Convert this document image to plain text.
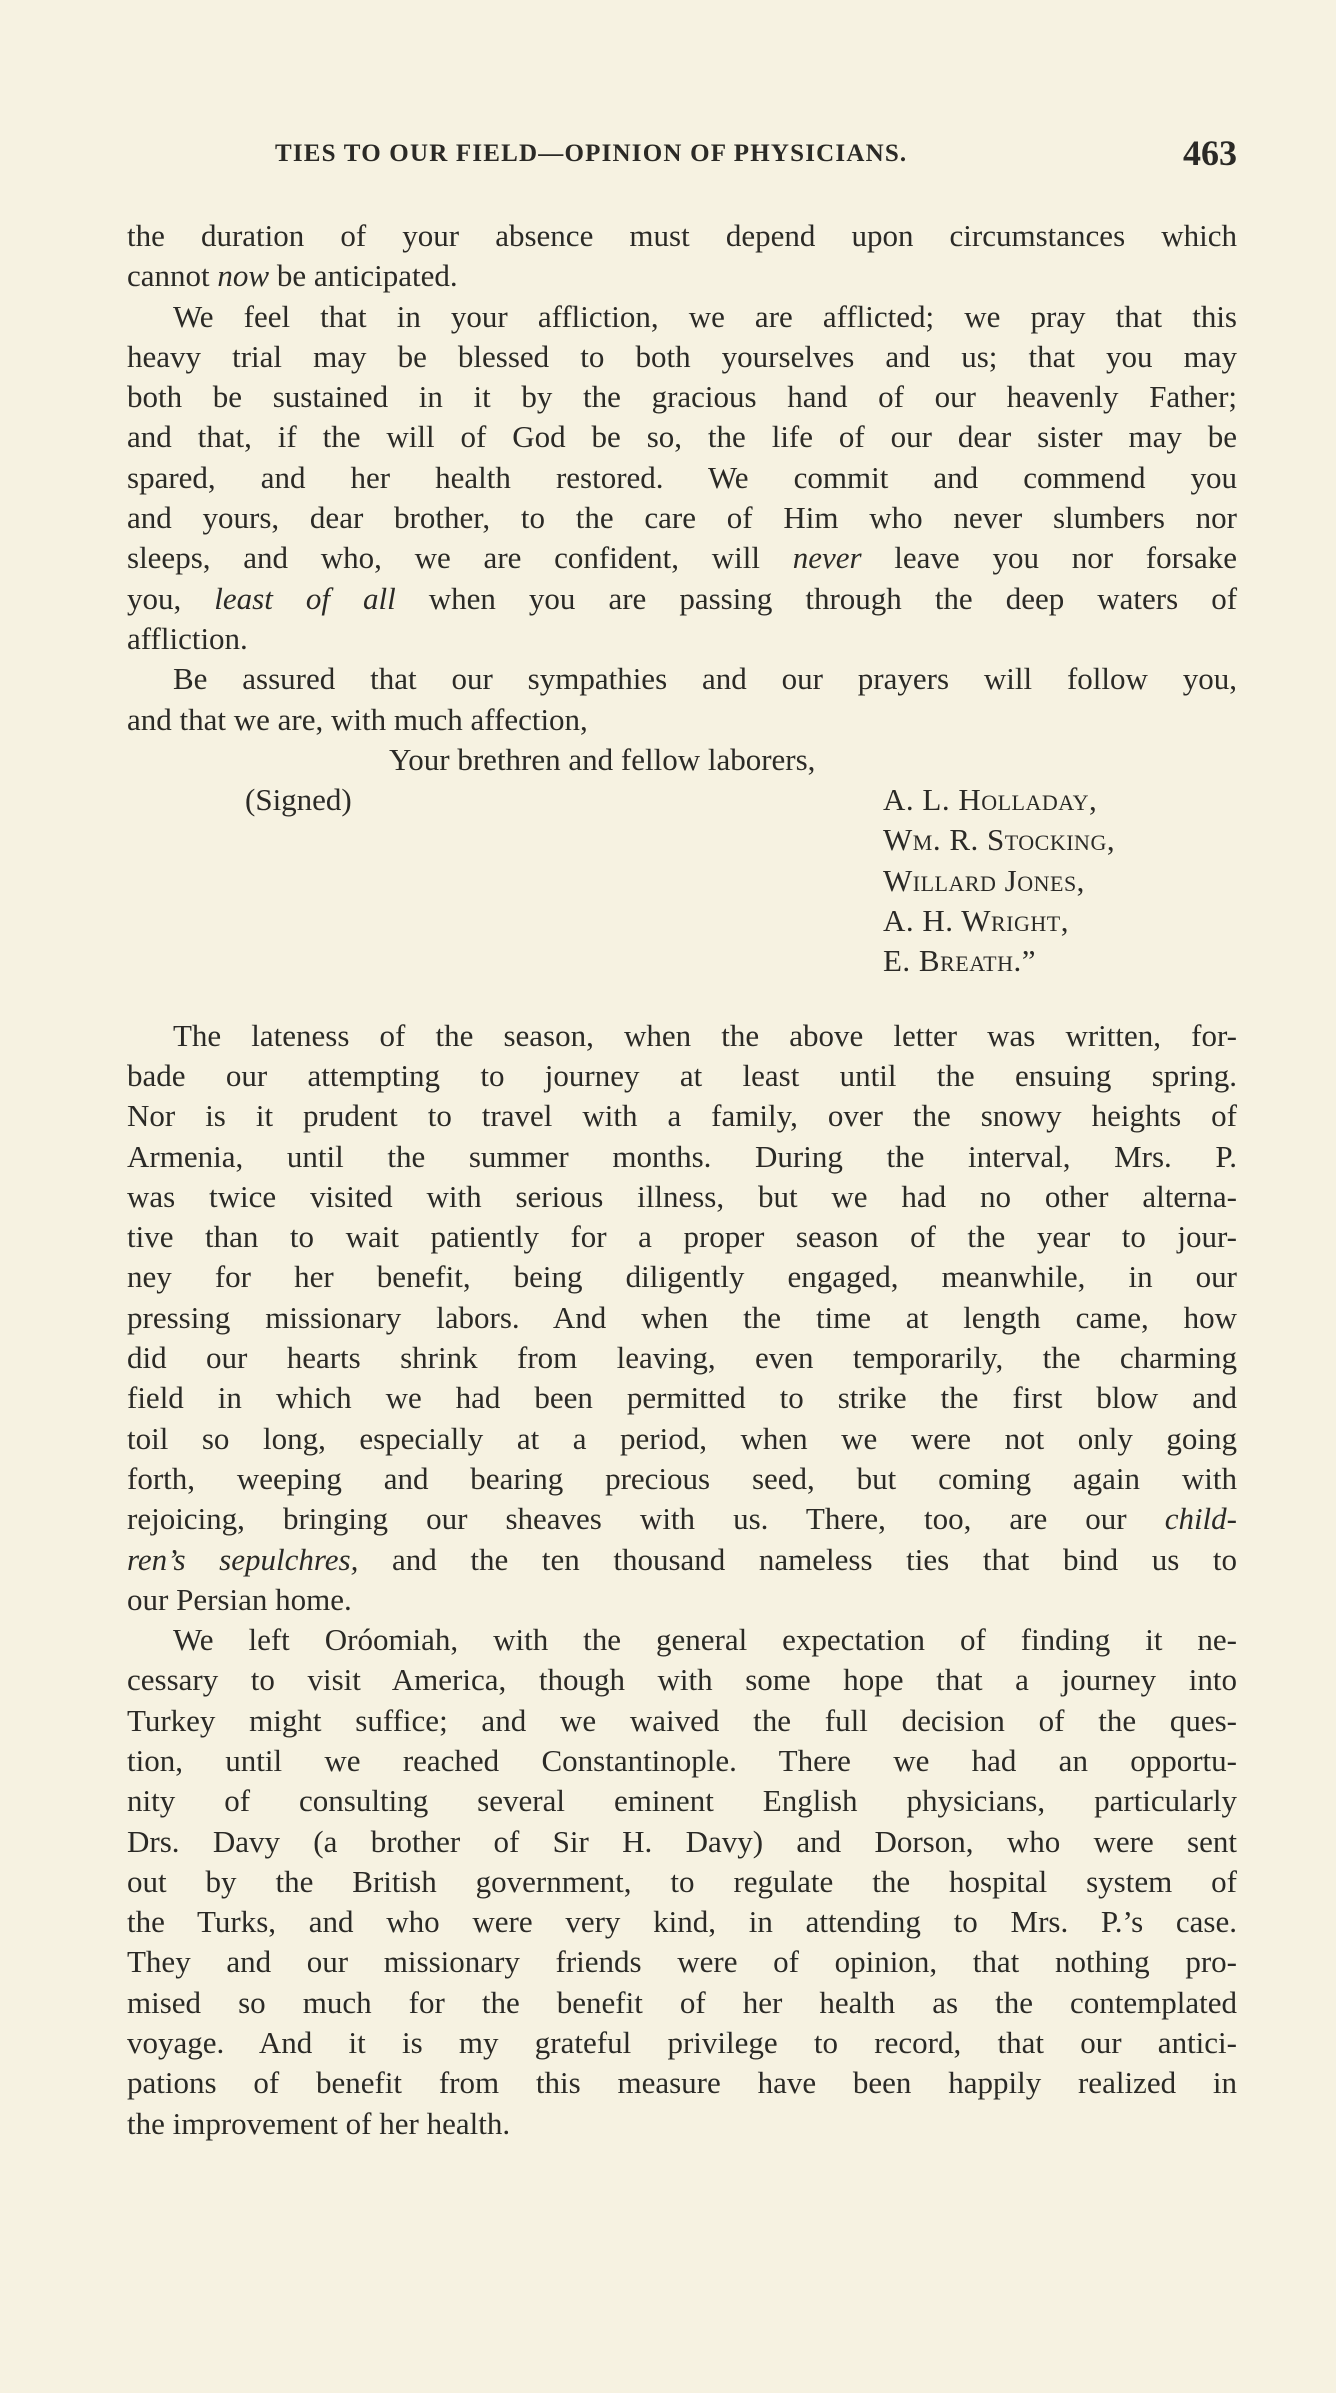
TIES TO OUR FIELD—OPINION OF PHYSICIANS.	463
the duration of your absence must depend upon circumstances which
cannot now be anticipated.
We feel that in your affliction, we are afflicted; we pray that this
heavy trial may be blessed to both yourselves and us; that you may
both be sustained in it by the gracious hand of our heavenly Father;
and that, if the will of God be so, the life of our dear sister may be
spared, and her health restored. We commit and commend you
and yours, dear brother, to the care of Him who never slumbers nor
sleeps, and who, we are confident, will never leave you nor forsake
you, least of all when you are passing through the deep waters of
affliction.
Be assured that our sympathies and our prayers will follow you,
and that we are, with much affection,
Your brethren and fellow laborers,
(Signed)	A. L. Holladay,
Wm. R. Stocking,
Willard Jones,
A. H. Wright,
E. Breath.”
The lateness of the season, when the above letter was written, for-
bade our attempting to journey at least until the ensuing spring.
Nor is it prudent to travel with a family, over the snowy heights of
Armenia, until the summer months. During the interval, Mrs. P.
was twice visited with serious illness, but we had no other alterna-
tive than to wait patiently for a proper season of the year to jour-
ney for her benefit, being diligently engaged, meanwhile, in our
pressing missionary labors. And when the time at length came, how
did our hearts shrink from leaving, even temporarily, the charming
field in which we had been permitted to strike the first blow and
toil so long, especially at a period, when we were not only going
forth, weeping and bearing precious seed, but coming again with
rejoicing, bringing our sheaves with us. There, too, are our child-
ren’s sepulchres, and the ten thousand nameless ties that bind us to
our Persian home.
We left Oróomiah, with the general expectation of finding it ne-
cessary to visit America, though with some hope that a journey into
Turkey might suffice; and we waived the full decision of the ques-
tion, until we reached Constantinople. There we had an opportu-
nity of consulting several eminent English physicians, particularly
Drs. Davy (a brother of Sir H. Davy) and Dorson, who were sent
out by the British government, to regulate the hospital system of
the Turks, and who were very kind, in attending to Mrs. P.’s case.
They and our missionary friends were of opinion, that nothing pro-
mised so much for the benefit of her health as the contemplated
voyage. And it is my grateful privilege to record, that our antici-
pations of benefit from this measure have been happily realized in
the improvement of her health.
